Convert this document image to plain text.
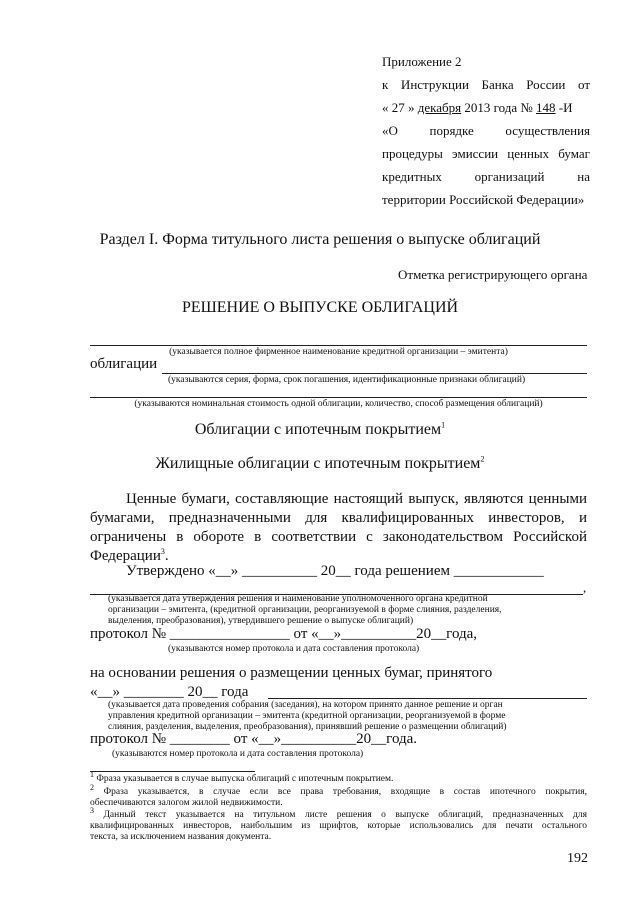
Приложение 2
к Инструкции Банка России от
« 27 » декабря 2013 года № 148 -И
«О порядке осуществления
процедуры эмиссии ценных бумаг
кредитных организаций на
территории Российской Федерации»
Раздел I. Форма титульного листа решения о выпуске облигаций
Отметка регистрирующего органа
РЕШЕНИЕ О ВЫПУСКЕ ОБЛИГАЦИЙ
(указывается полное фирменное наименование кредитной организации – эмитента)
облигации
(указываются серия, форма, срок погашения, идентификационные признаки облигаций)
(указываются номинальная стоимость одной облигации, количество, способ размещения облигаций)
Облигации с ипотечным покрытием$^1$
Жилищные облигации с ипотечным покрытием$^2$
Ценные бумаги, составляющие настоящий выпуск, являются ценными
бумагами, предназначенными для квалифицированных инвесторов, и
ограничены в обороте в соответствии с законодательством Российской
Федерации$^3$.
Утверждено «__» __________ 20__ года решением ____________
,
(указывается дата утверждения решения и наименование уполномоченного органа кредитной
организации – эмитента, (кредитной организации, реорганизуемой в форме слияния, разделения,
выделения, преобразования), утвердившего решение о выпуске облигаций)
протокол № ________________ от «__»__________20__года,
(указываются номер протокола и дата составления протокола)
на основании решения о размещении ценных бумаг, принятого
«__» ________ 20__ года
(указывается дата проведения собрания (заседания), на котором принято данное решение и орган
управления кредитной организации – эмитента (кредитной организации, реорганизуемой в форме
слияния, разделения, выделения, преобразования), принявший решение о размещении облигаций)
протокол № ________ от «__»__________20__года.
(указываются номер протокола и дата составления протокола)
$^1$ Фраза указывается в случае выпуска облигаций с ипотечным покрытием.
$^2$ Фраза указывается, в случае если все права требования, входящие в состав ипотечного покрытия,
обеспечиваются залогом жилой недвижимости.
$^3$ Данный текст указывается на титульном листе решения о выпуске облигаций, предназначенных для
квалифицированных инвесторов, наибольшим из шрифтов, которые использовались для печати остального
текста, за исключением названия документа.
192
